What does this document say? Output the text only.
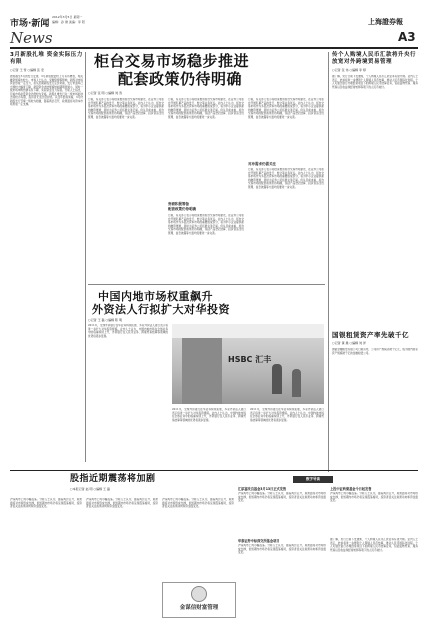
市场·新闻
News
2012年3月5日 星期一
编辑：孙 健 美编：李 阳	上海證券報
A3
3月新股扎堆 资金实际压力有限
○记者 王 雪 ○编辑 张 宏
按照截至3月的发行安排，3月新股数量较上月有所增加，相关融资规模也较大。市场人士认为，受融资规模影响，新股对市场资金形成一定压力，但从近期新股发行定价来看，发行市盈率已出现较大幅度下降，新股资金冻结规模较前期明显缩小，同时一级市场申购热情有所下降，实际资金压力有限。分析人士指出，目前市场存量资金仍然较为充裕，新股扎堆发行对二级市场的冲击将较为有限，投资者无需过度担忧。从往年经验来看，3月份新股发行节奏一般较为稳健，随着两会召开，政策面将对资本市场形成一定支撑。
柜台交易市场稳步推进
配套政策仍待明确
○记者 张 明 ○编辑 刘 涛
日前，有关部门表示将稳步推进柜台交易市场建设，在证券公司柜台开展私募产品的发行、转让等业务试点。业内人士认为，柜台交易市场作为多层次资本市场的重要组成部分，将为中小企业提供新的融资渠道，同时为证券公司拓展业务空间。但从目前来看，柜台交易市场的配套政策仍待明确，包括产品登记结算、投资者适当性管理、信息披露等方面均需要进一步完善。
日前，有关部门表示将稳步推进柜台交易市场建设，在证券公司柜台开展私募产品的发行、转让等业务试点。业内人士认为，柜台交易市场作为多层次资本市场的重要组成部分，将为中小企业提供新的融资渠道，同时为证券公司拓展业务空间。但从目前来看，柜台交易市场的配套政策仍待明确，包括产品登记结算、投资者适当性管理、信息披露等方面均需要进一步完善。
券商积极筹备
配套政策仍待明确
日前，有关部门表示将稳步推进柜台交易市场建设，在证券公司柜台开展私募产品的发行、转让等业务试点。业内人士认为，柜台交易市场作为多层次资本市场的重要组成部分，将为中小企业提供新的融资渠道，同时为证券公司拓展业务空间。但从目前来看，柜台交易市场的配套政策仍待明确，包括产品登记结算、投资者适当性管理、信息披露等方面均需要进一步完善。
日前，有关部门表示将稳步推进柜台交易市场建设，在证券公司柜台开展私募产品的发行、转让等业务试点。业内人士认为，柜台交易市场作为多层次资本市场的重要组成部分，将为中小企业提供新的融资渠道，同时为证券公司拓展业务空间。但从目前来看，柜台交易市场的配套政策仍待明确，包括产品登记结算、投资者适当性管理、信息披露等方面均需要进一步完善。
对冲需求仍需关注
日前，有关部门表示将稳步推进柜台交易市场建设，在证券公司柜台开展私募产品的发行、转让等业务试点。业内人士认为，柜台交易市场作为多层次资本市场的重要组成部分，将为中小企业提供新的融资渠道，同时为证券公司拓展业务空间。但从目前来看，柜台交易市场的配套政策仍待明确，包括产品登记结算、投资者适当性管理、信息披露等方面均需要进一步完善。
中国内地市场权重飙升
外资法人行拟扩大对华投资
○记者 王 磊 ○编辑 陈 明
2011年，全球外资银行在华业务持续拓展，多家外资法人银行表示将进一步扩大对华投资规模。业内人士认为，中国内地市场在全球业务中的权重持续上升，外资银行在人民币业务、跨境贸易结算等领域的优势将逐步显现。
HSBC 汇丰
2011年，全球外资银行在华业务持续拓展，多家外资法人银行表示将进一步扩大对华投资规模。业内人士认为，中国内地市场在全球业务中的权重持续上升，外资银行在人民币业务、跨境贸易结算等领域的优势将逐步显现。
2011年，全球外资银行在华业务持续拓展，多家外资法人银行表示将进一步扩大对华投资规模。业内人士认为，中国内地市场在全球业务中的权重持续上升，外资银行在人民币业务、跨境贸易结算等领域的优势将逐步显现。
传个人购境人民币汇款将升央行放宽对外跨境贸易管理
○记者 张 伟 ○编辑 李 婷
据了解，央行日前下发通知，个人购境人民币汇款业务有望开闸。业内人士表示，此举将进一步便利个人跨境人民币结算，推动人民币国际化进程。个人可通过银行办理经常项目下的跨境人民币结算业务，包括货物贸易、服务贸易以及收益和经常转移等项下的人民币收付。
国银租赁资产率先破千亿
○记者 黄 晨 ○编辑 刘 洋
国银金融租赁有限公司日前宣布，公司资产规模突破千亿元，成为国内首家资产规模破千亿的金融租赁公司。
股指近期震荡将加剧
○本报记者 赵 明 ○编辑 王 磊
沪深两市上周小幅震荡。分析人士认为，随着两会召开，政策面将对市场形成支撑，但短期内市场仍将呈现震荡格局，投资者需关注政策动向和资金面变化。
沪深两市上周小幅震荡。分析人士认为，随着两会召开，政策面将对市场形成支撑，但短期内市场仍将呈现震荡格局，投资者需关注政策动向和资金面变化。
沪深两市上周小幅震荡。分析人士认为，随着两会召开，政策面将对市场形成支撑，但短期内市场仍将呈现震荡格局，投资者需关注政策动向和资金面变化。
金谋信财富管理
数字导读
汇添富改良基金3月13日正式发售
沪深两市上周小幅震荡。分析人士认为，随着两会召开，政策面将对市场形成支撑，但短期内市场仍将呈现震荡格局，投资者需关注政策动向和资金面变化。
上投中证转债基金今日起发售
沪深两市上周小幅震荡。分析人士认为，随着两会召开，政策面将对市场形成支撑，但短期内市场仍将呈现震荡格局，投资者需关注政策动向和资金面变化。
华泰证券中标深交所基金项目
沪深两市上周小幅震荡。分析人士认为，随着两会召开，政策面将对市场形成支撑，但短期内市场仍将呈现震荡格局，投资者需关注政策动向和资金面变化。
据了解，央行日前下发通知，个人购境人民币汇款业务有望开闸。业内人士表示，此举将进一步便利个人跨境人民币结算，推动人民币国际化进程。个人可通过银行办理经常项目下的跨境人民币结算业务，包括货物贸易、服务贸易以及收益和经常转移等项下的人民币收付。
